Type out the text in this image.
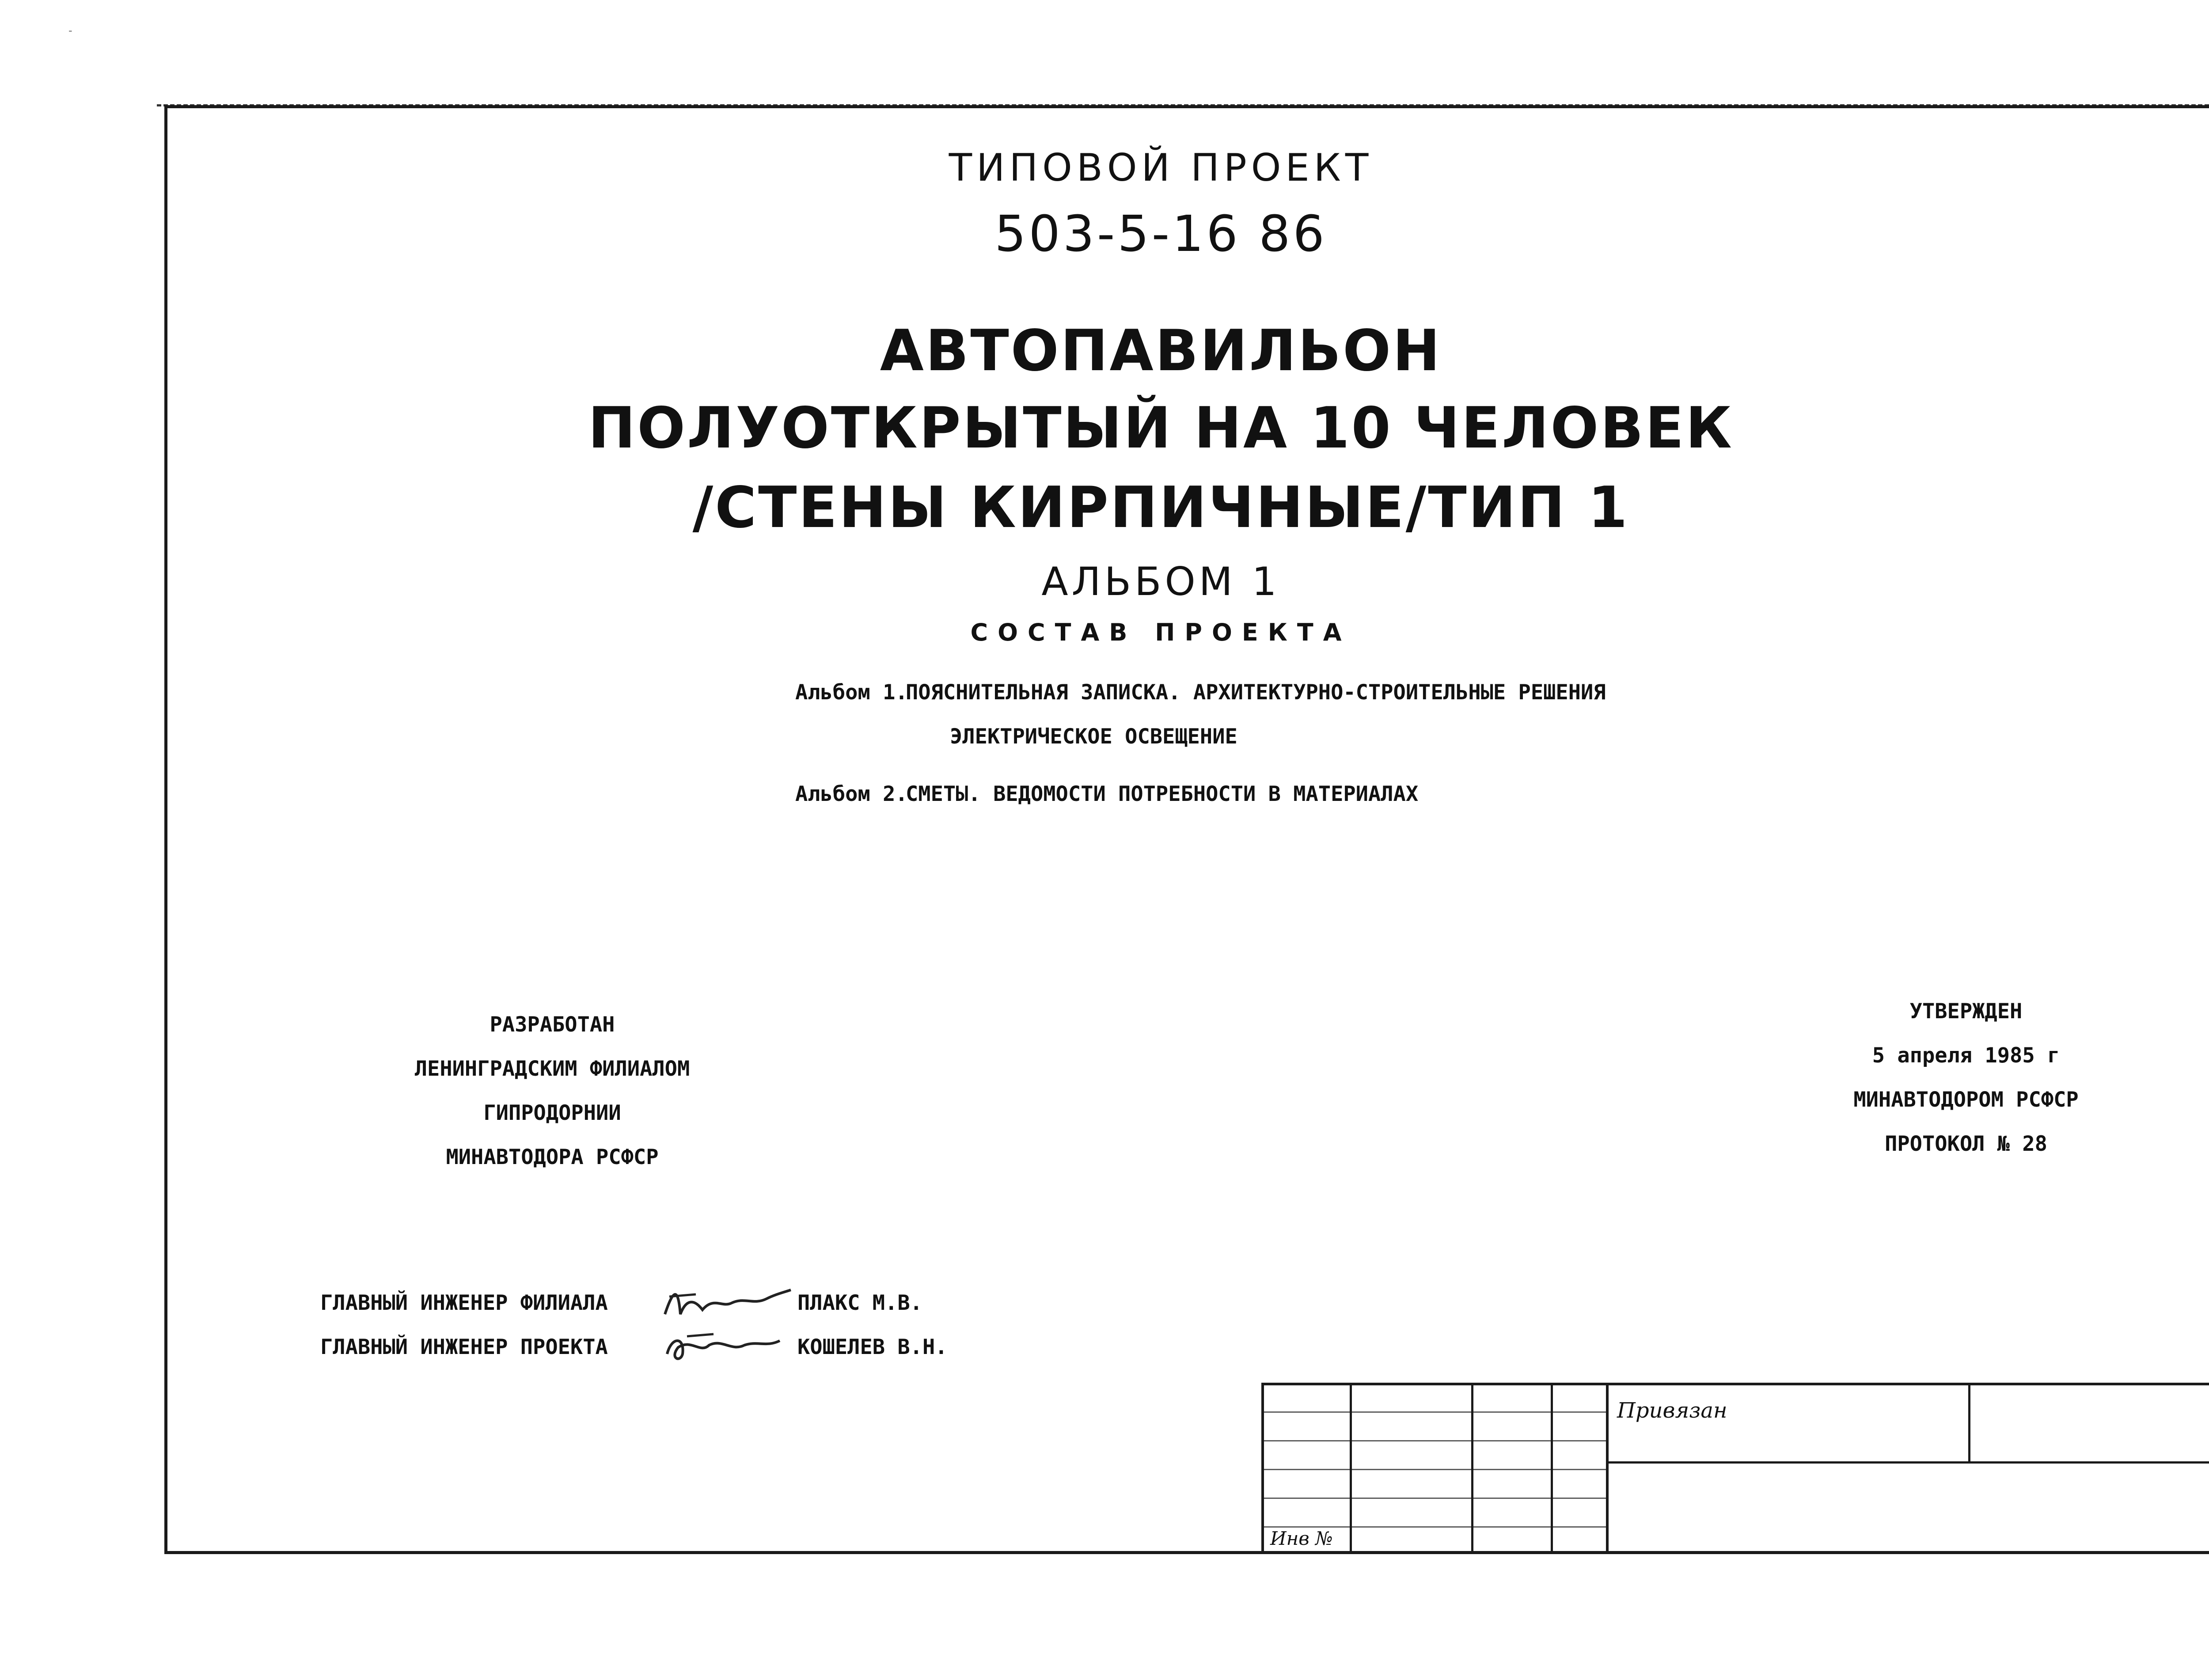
-
ТИПОВОЙ ПРОЕКТ
503-5-16 86
АВТОПАВИЛЬОН
ПОЛУОТКРЫТЫЙ НА 10 ЧЕЛОВЕК
/СТЕНЫ КИРПИЧНЫЕ/ТИП 1
АЛЬБОМ 1
СОСТАВ ПРОЕКТА
Альбом 1.ПОЯСНИТЕЛЬНАЯ ЗАПИСКА. АРХИТЕКТУРНО-СТРОИТЕЛЬНЫЕ РЕШЕНИЯ
ЭЛЕКТРИЧЕСКОЕ ОСВЕЩЕНИЕ
Альбом 2.СМЕТЫ. ВЕДОМОСТИ ПОТРЕБНОСТИ В МАТЕРИАЛАХ
РАЗРАБОТАН
ЛЕНИНГРАДСКИМ ФИЛИАЛОМ
ГИПРОДОРНИИ
МИНАВТОДОРА РСФСР
УТВЕРЖДЕН
5 апреля 1985 г
МИНАВТОДОРОМ РСФСР
ПРОТОКОЛ № 28
ГЛАВНЫЙ ИНЖЕНЕР ФИЛИАЛА	ПЛАКС М.В.
ГЛАВНЫЙ ИНЖЕНЕР ПРОЕКТА	КОШЕЛЕВ В.Н.
Привязан
Инв №
